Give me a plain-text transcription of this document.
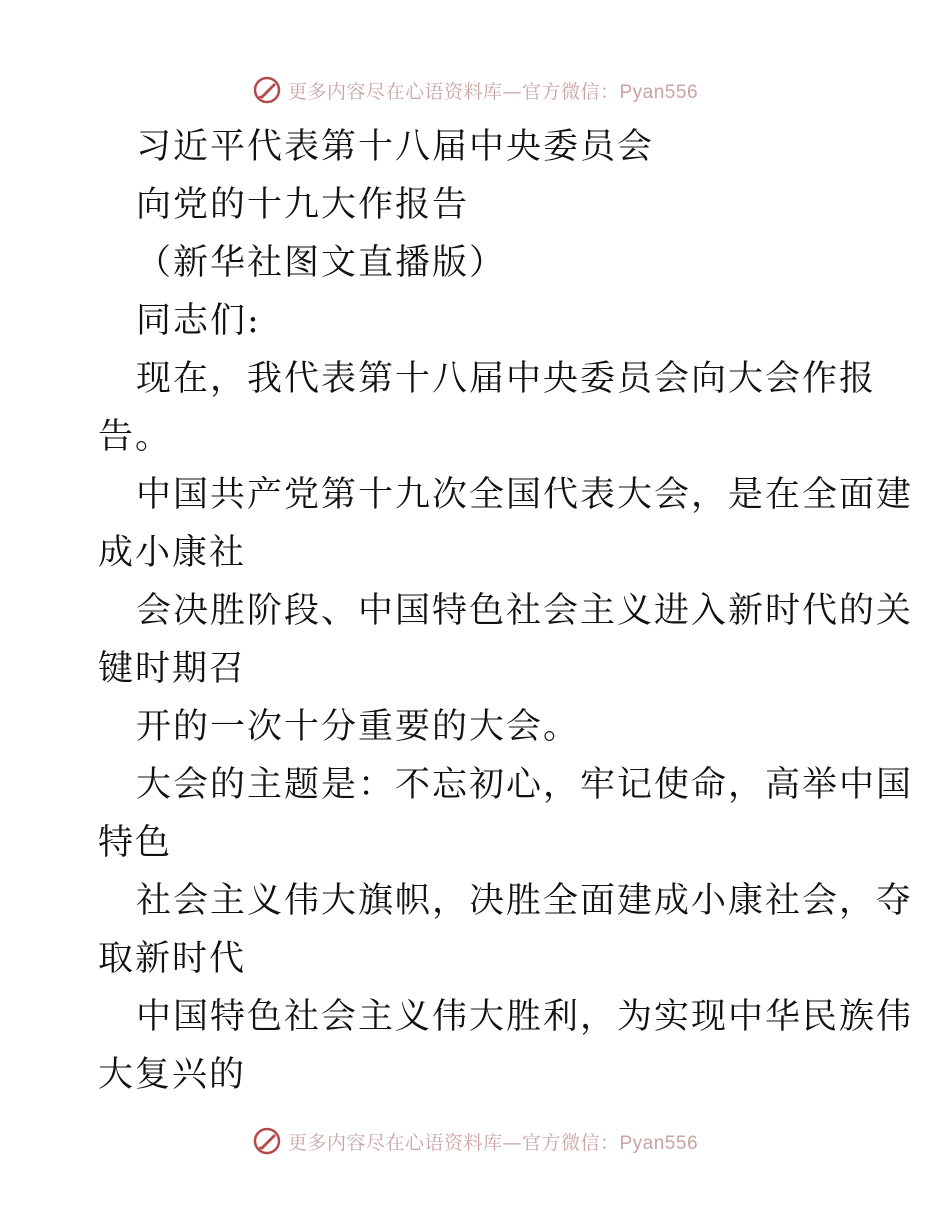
更多内容尽在心语资料库—官方微信：Pyan556
习近平代表第十八届中央委员会
向党的十九大作报告
（新华社图文直播版）
同志们:
现在，我代表第十八届中央委员会向大会作报
告。
中国共产党第十九次全国代表大会，是在全面建
成小康社
会决胜阶段、中国特色社会主义进入新时代的关
键时期召
开的一次十分重要的大会。
大会的主题是：不忘初心，牢记使命，高举中国
特色
社会主义伟大旗帜，决胜全面建成小康社会，夺
取新时代
中国特色社会主义伟大胜利，为实现中华民族伟
大复兴的
更多内容尽在心语资料库—官方微信：Pyan556
